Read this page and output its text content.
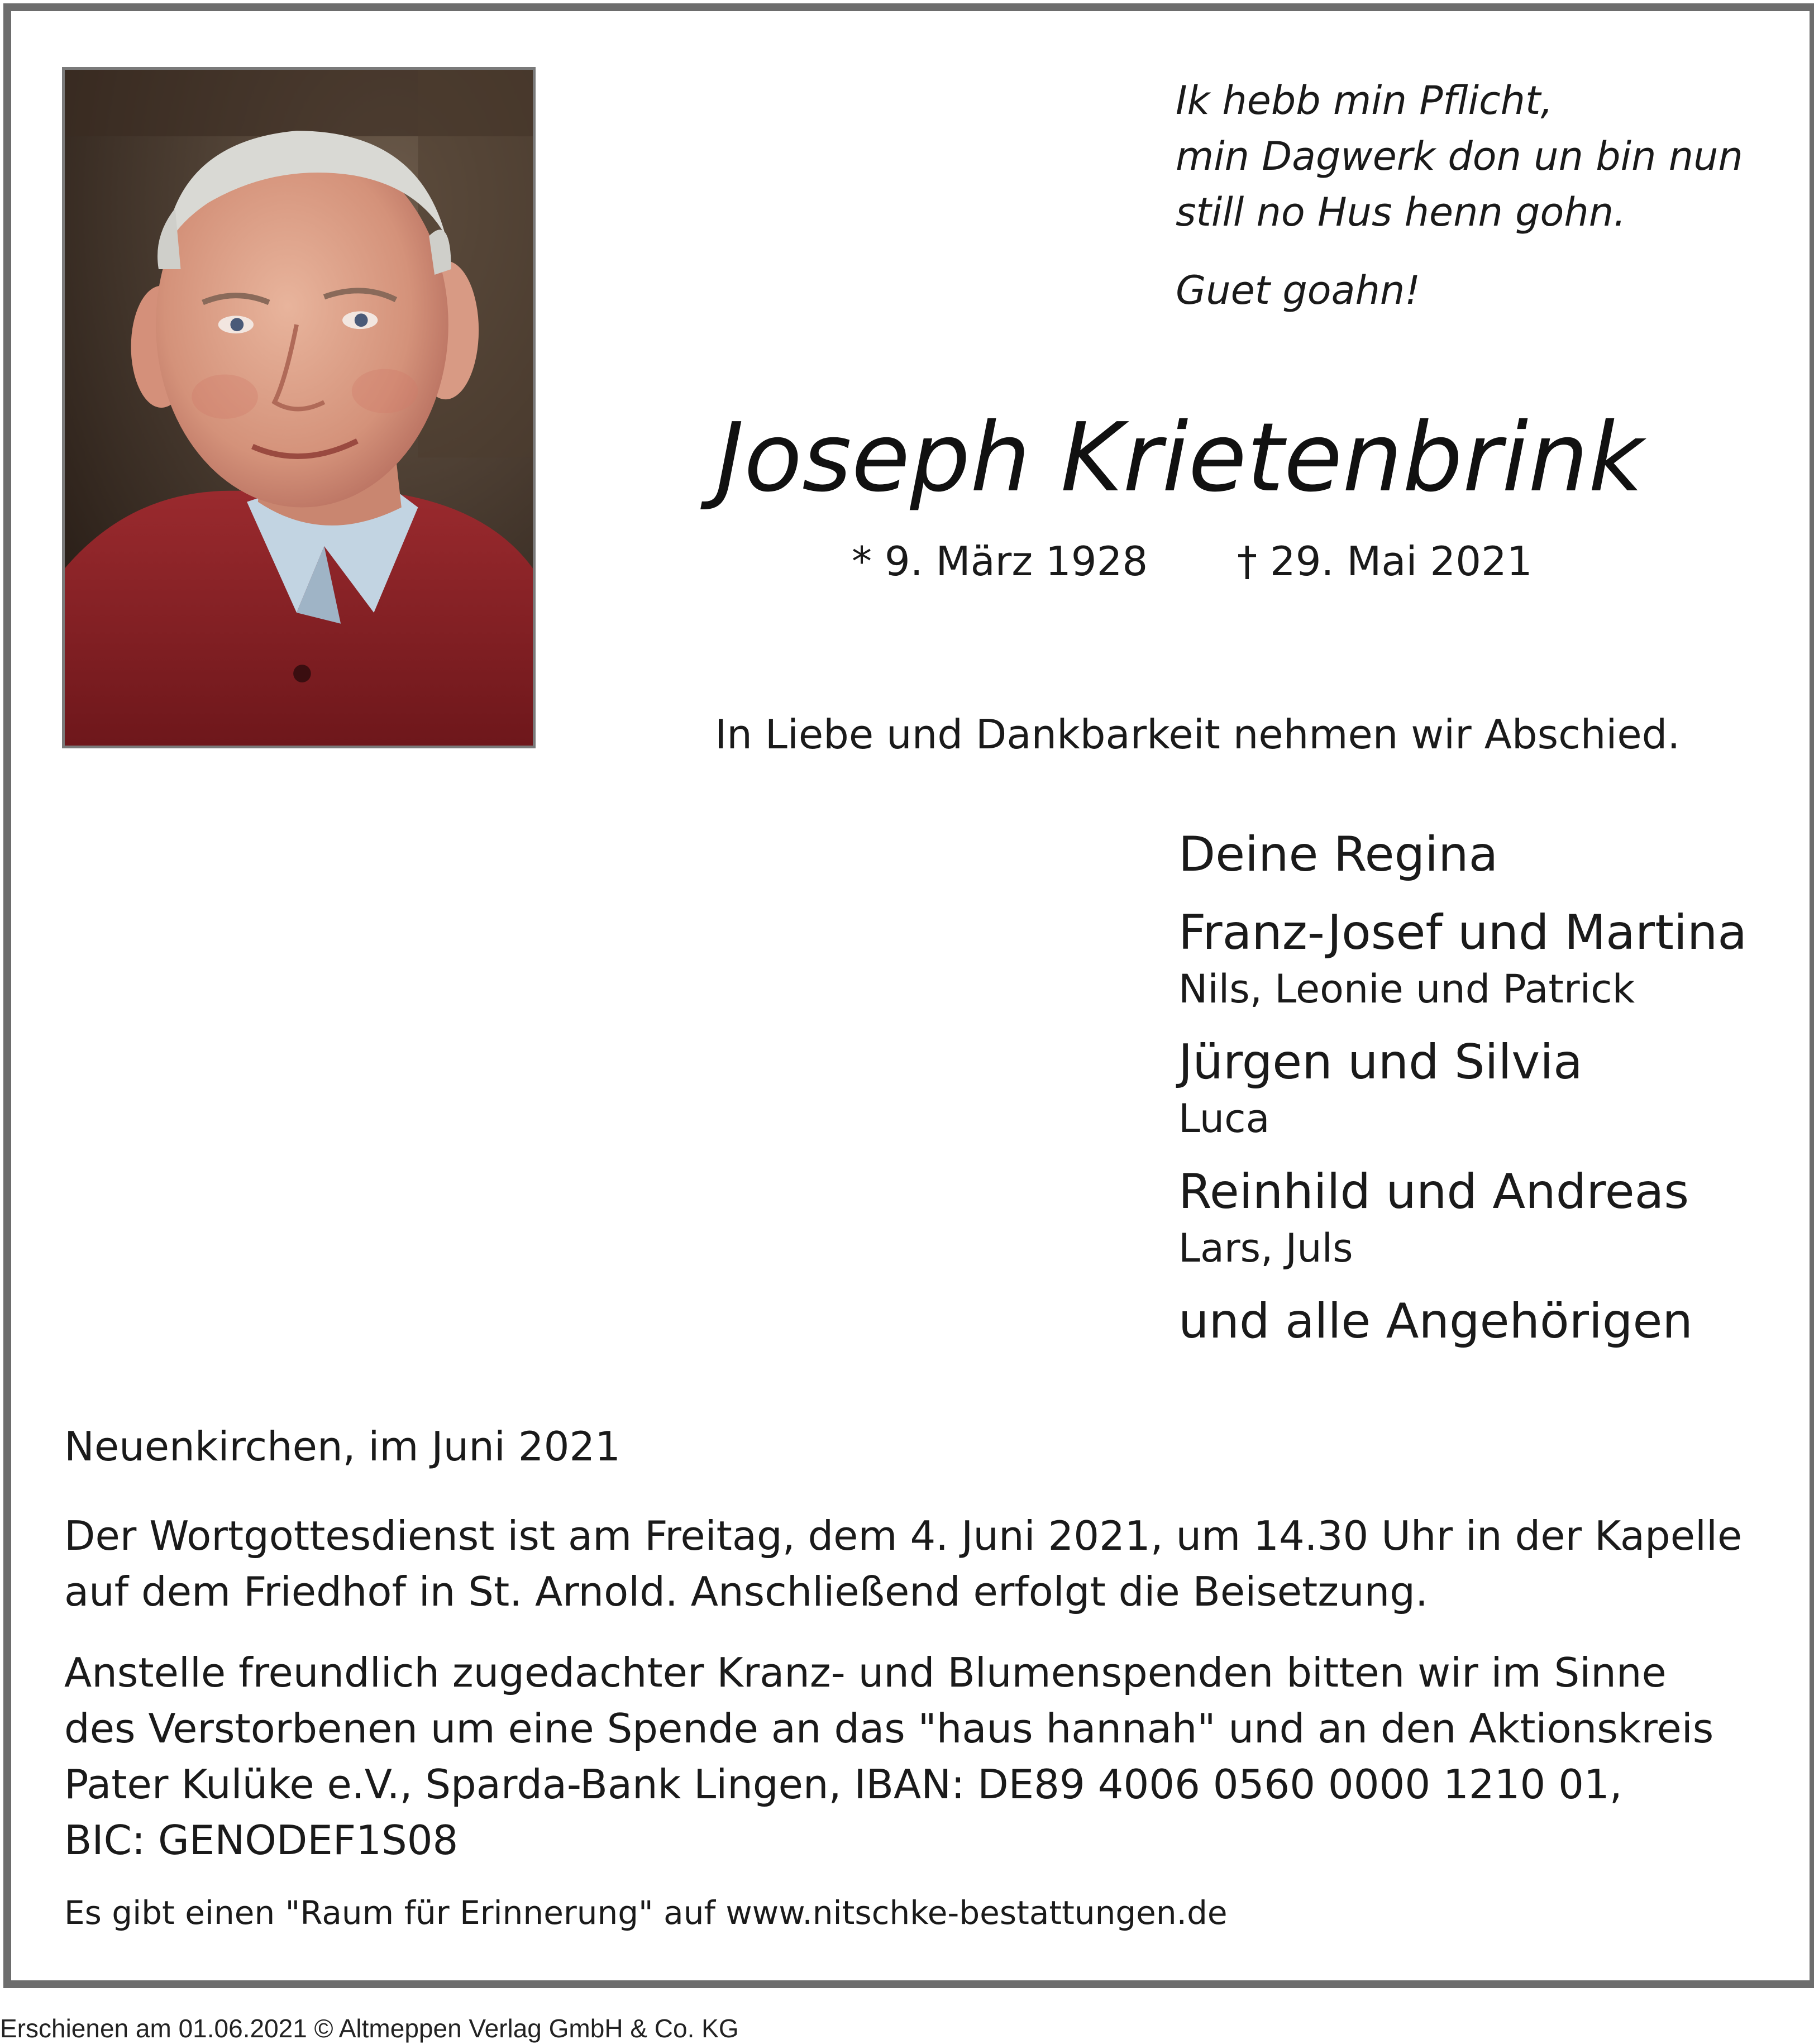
Ik hebb min Pflicht,
min Dagwerk don un bin nun
still no Hus henn gohn.
Guet goahn!
Joseph Krietenbrink
* 9. März 1928 † 29. Mai 2021
In Liebe und Dankbarkeit nehmen wir Abschied.
Deine Regina
Franz-Josef und Martina
Nils, Leonie und Patrick
Jürgen und Silvia
Luca
Reinhild und Andreas
Lars, Juls
und alle Angehörigen
Neuenkirchen, im Juni 2021
Der Wortgottesdienst ist am Freitag, dem 4. Juni 2021, um 14.30 Uhr in der Kapelle
auf dem Friedhof in St. Arnold. Anschließend erfolgt die Beisetzung.
Anstelle freundlich zugedachter Kranz- und Blumenspenden bitten wir im Sinne
des Verstorbenen um eine Spende an das "haus hannah" und an den Aktionskreis
Pater Kulüke e.V., Sparda-Bank Lingen, IBAN: DE89 4006 0560 0000 1210 01,
BIC: GENODEF1S08
Es gibt einen "Raum für Erinnerung" auf www.nitschke-bestattungen.de
Erschienen am 01.06.2021 © Altmeppen Verlag GmbH & Co. KG
